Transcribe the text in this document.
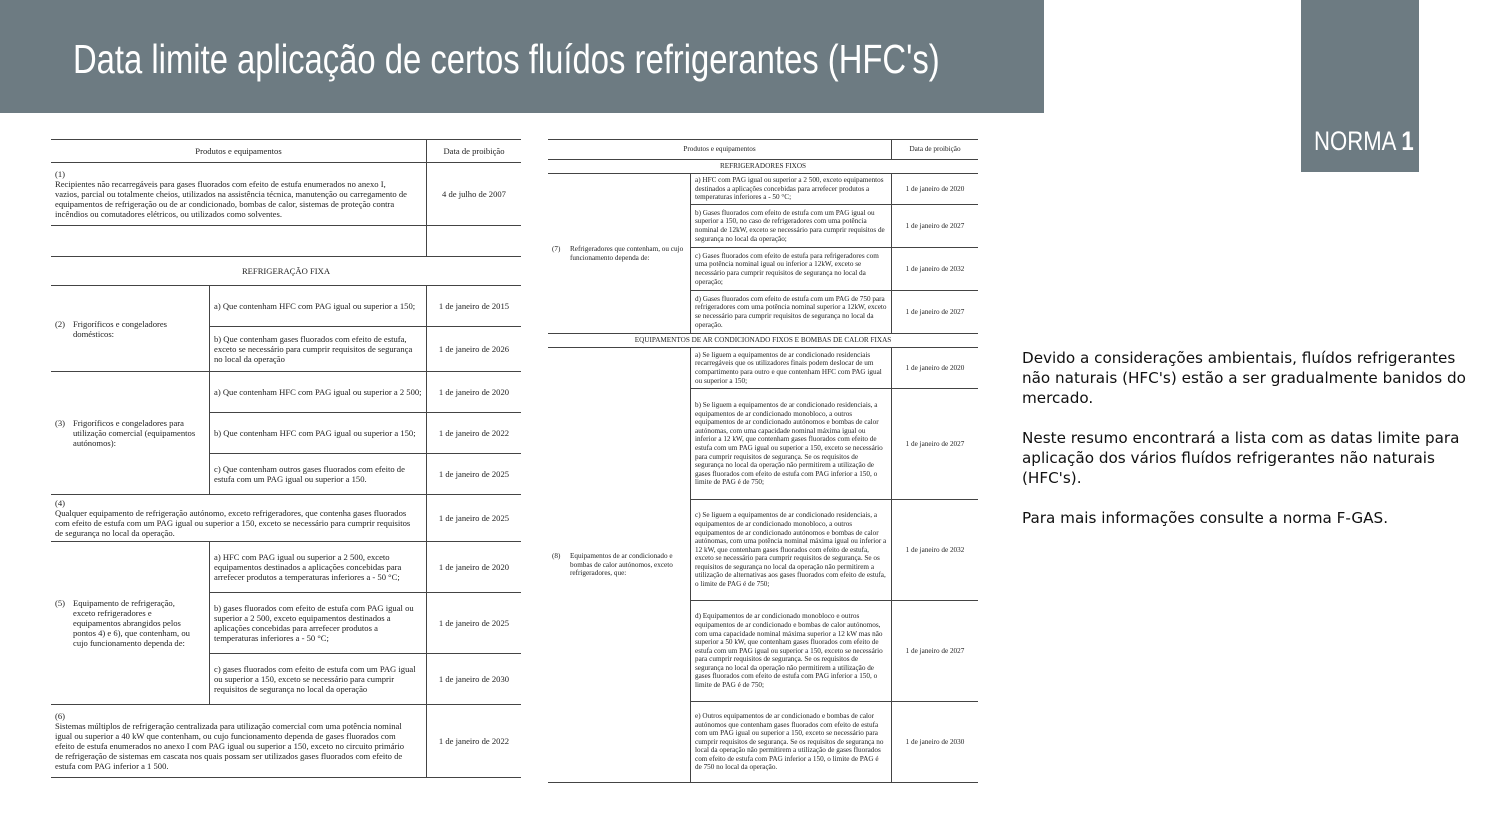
Data limite aplicação de certos fluídos refrigerantes (HFC's)
NORMA 1

Devido a considerações ambientais, fluídos refrigerantes não naturais (HFC's) estão a ser gradualmente banidos do mercado.

Neste resumo encontrará a lista com as datas limite para aplicação dos vários fluídos refrigerantes não naturais (HFC's).

Para mais informações consulte a norma F-GAS.

Produtos e equipamentos		Data de proibição
(1)Recipientes não recarregáveis para gases fluorados com efeito de estufa enumerados no anexo I, vazios, parcial ou totalmente cheios, utilizados na assistência técnica, manutenção ou carregamento de equipamentos de refrigeração ou de ar condicionado, bombas de calor, sistemas de proteção contra incêndios ou comutadores elétricos, ou utilizados como solventes.		4 de julho de 2007

REFRIGERAÇÃO FIXA		
(2) Frigoríficos e congeladores domésticos:	a) Que contenham HFC com PAG igual ou superior a 150;	1 de janeiro de 2015
	b) Que contenham gases fluorados com efeito de estufa, exceto se necessário para cumprir requisitos de segurança no local da operação	1 de janeiro de 2026
(3) Frigoríficos e congeladores para utilização comercial (equipamentos autónomos):	a) Que contenham HFC com PAG igual ou superior a 2 500;	1 de janeiro de 2020
	b) Que contenham HFC com PAG igual ou superior a 150;	1 de janeiro de 2022
	c) Que contenham outros gases fluorados com efeito de estufa com um PAG igual ou superior a 150.	1 de janeiro de 2025
(4)Qualquer equipamento de refrigeração autónomo, exceto refrigeradores, que contenha gases fluorados com efeito de estufa com um PAG igual ou superior a 150, exceto se necessário para cumprir requisitos de segurança no local da operação.		1 de janeiro de 2025
(5) Equipamento de refrigeração, exceto refrigeradores e equipamentos abrangidos pelos pontos 4) e 6), que contenham, ou cujo funcionamento dependa de:	a) HFC com PAG igual ou superior a 2 500, exceto equipamentos destinados a aplicações concebidas para arrefecer produtos a temperaturas inferiores a - 50 °C;	1 de janeiro de 2020
	b) gases fluorados com efeito de estufa com PAG igual ou superior a 2 500, exceto equipamentos destinados a aplicações concebidas para arrefecer produtos a temperaturas inferiores a - 50 °C;	1 de janeiro de 2025
	c) gases fluorados com efeito de estufa com um PAG igual ou superior a 150, exceto se necessário para cumprir requisitos de segurança no local da operação	1 de janeiro de 2030
(6)Sistemas múltiplos de refrigeração centralizada para utilização comercial com uma potência nominal igual ou superior a 40 kW que contenham, ou cujo funcionamento dependa de gases fluorados com efeito de estufa enumerados no anexo I com PAG igual ou superior a 150, exceto no circuito primário de refrigeração de sistemas em cascata nos quais possam ser utilizados gases fluorados com efeito de estufa com PAG inferior a 1 500.		1 de janeiro de 2022
Produtos e equipamentos		Data de proibição
REFRIGERADORES FIXOS		
(7) Refrigeradores que contenham, ou cujo funcionamento dependa de:	a) HFC com PAG igual ou superior a 2 500, exceto equipamentos destinados a aplicações concebidas para arrefecer produtos a temperaturas inferiores a - 50 °C;	1 de janeiro de 2020
	b) Gases fluorados com efeito de estufa com um PAG igual ou superior a 150, no caso de refrigeradores com uma potência nominal de 12kW, exceto se necessário para cumprir requisitos de segurança no local da operação;	1 de janeiro de 2027
	c) Gases fluorados com efeito de estufa para refrigeradores com uma potência nominal igual ou inferior a 12kW, exceto se necessário para cumprir requisitos de segurança no local da operação;	1 de janeiro de 2032
	d) Gases fluorados com efeito de estufa com um PAG de 750 para refrigeradores com uma potência nominal superior a 12kW, exceto se necessário para cumprir requisitos de segurança no local da operação.	1 de janeiro de 2027
EQUIPAMENTOS DE AR CONDICIONADO FIXOS E BOMBAS DE CALOR FIXAS		
(8) Equipamentos de ar condicionado e bombas de calor autónomos, exceto refrigeradores, que:	a) Se liguem a equipamentos de ar condicionado residenciais recarregáveis que os utilizadores finais podem deslocar de um compartimento para outro e que contenham HFC com PAG igual ou superior a 150;	1 de janeiro de 2020
	b) Se liguem a equipamentos de ar condicionado residenciais, a equipamentos de ar condicionado monobloco, a outros equipamentos de ar condicionado autónomos e bombas de calor autónomas, com uma capacidade nominal máxima igual ou inferior a 12 kW, que contenham gases fluorados com efeito de estufa com um PAG igual ou superior a 150, exceto se necessário para cumprir requisitos de segurança. Se os requisitos de segurança no local da operação não permitirem a utilização de gases fluorados com efeito de estufa com PAG inferior a 150, o limite de PAG é de 750;	1 de janeiro de 2027
	c) Se liguem a equipamentos de ar condicionado residenciais, a equipamentos de ar condicionado monobloco, a outros equipamentos de ar condicionado autónomos e bombas de calor autónomas, com uma potência nominal máxima igual ou inferior a 12 kW, que contenham gases fluorados com efeito de estufa, exceto se necessário para cumprir requisitos de segurança. Se os requisitos de segurança no local da operação não permitirem a utilização de alternativas aos gases fluorados com efeito de estufa, o limite de PAG é de 750;	1 de janeiro de 2032
	d) Equipamentos de ar condicionado monobloco e outros equipamentos de ar condicionado e bombas de calor autónomos, com uma capacidade nominal máxima superior a 12 kW mas não superior a 50 kW, que contenham gases fluorados com efeito de estufa com um PAG igual ou superior a 150, exceto se necessário para cumprir requisitos de segurança. Se os requisitos de segurança no local da operação não permitirem a utilização de gases fluorados com efeito de estufa com PAG inferior a 150, o limite de PAG é de 750;	1 de janeiro de 2027
	e) Outros equipamentos de ar condicionado e bombas de calor autónomos que contenham gases fluorados com efeito de estufa com um PAG igual ou superior a 150, exceto se necessário para cumprir requisitos de segurança. Se os requisitos de segurança no local da operação não permitirem a utilização de gases fluorados com efeito de estufa com PAG inferior a 150, o limite de PAG é de 750 no local da operação.	1 de janeiro de 2030
